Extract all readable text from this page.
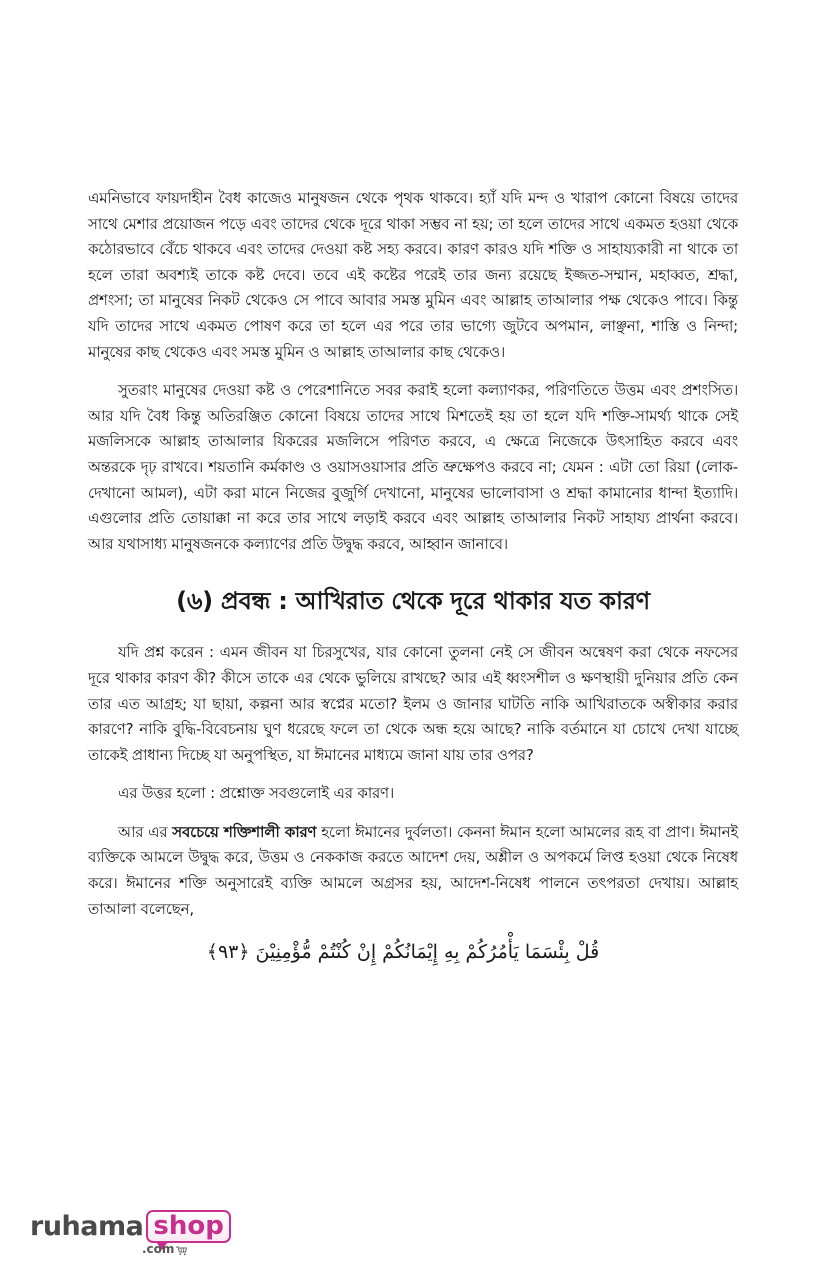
এমনিভাবে ফায়দাহীন বৈধ কাজেও মানুষজন থেকে পৃথক থাকবে। হ্যাঁ যদি মন্দ ও খারাপ কোনো বিষয়ে তাদের সাথে মেশার প্রয়োজন পড়ে এবং তাদের থেকে দূরে থাকা সম্ভব না হয়; তা হলে তাদের সাথে একমত হওয়া থেকে কঠোরভাবে বেঁচে থাকবে এবং তাদের দেওয়া কষ্ট সহ্য করবে। কারণ কারও যদি শক্তি ও সাহায্যকারী না থাকে তা হলে তারা অবশ্যই তাকে কষ্ট দেবে। তবে এই কষ্টের পরেই তার জন্য রয়েছে ইজ্জত-সম্মান, মহাব্বত, শ্রদ্ধা, প্রশংসা; তা মানুষের নিকট থেকেও সে পাবে আবার সমস্ত মুমিন এবং আল্লাহ তাআলার পক্ষ থেকেও পাবে। কিন্তু যদি তাদের সাথে একমত পোষণ করে তা হলে এর পরে তার ভাগ্যে জুটবে অপমান, লাঞ্ছনা, শাস্তি ও নিন্দা; মানুষের কাছ থেকেও এবং সমস্ত মুমিন ও আল্লাহ তাআলার কাছ থেকেও।

সুতরাং মানুষের দেওয়া কষ্ট ও পেরেশানিতে সবর করাই হলো কল্যাণকর, পরিণতিতে উত্তম এবং প্রশংসিত। আর যদি বৈধ কিন্তু অতিরঞ্জিত কোনো বিষয়ে তাদের সাথে মিশতেই হয় তা হলে যদি শক্তি-সামর্থ্য থাকে সেই মজলিসকে আল্লাহ তাআলার যিকরের মজলিসে পরিণত করবে, এ ক্ষেত্রে নিজেকে উৎসাহিত করবে এবং অন্তরকে দৃঢ় রাখবে। শয়তানি কর্মকাণ্ড ও ওয়াসওয়াসার প্রতি ভ্রুক্ষেপও করবে না; যেমন : এটা তো রিয়া (লোক-দেখানো আমল), এটা করা মানে নিজের বুজুর্গি দেখানো, মানুষের ভালোবাসা ও শ্রদ্ধা কামানোর ধান্দা ইত্যাদি। এগুলোর প্রতি তোয়াক্কা না করে তার সাথে লড়াই করবে এবং আল্লাহ তাআলার নিকট সাহায্য প্রার্থনা করবে। আর যথাসাধ্য মানুষজনকে কল্যাণের প্রতি উদ্বুদ্ধ করবে, আহ্বান জানাবে।

(৬) প্রবন্ধ : আখিরাত থেকে দূরে থাকার যত কারণ

যদি প্রশ্ন করেন : এমন জীবন যা চিরসুখের, যার কোনো তুলনা নেই সে জীবন অন্বেষণ করা থেকে নফসের দূরে থাকার কারণ কী? কীসে তাকে এর থেকে ভুলিয়ে রাখছে? আর এই ধ্বংসশীল ও ক্ষণস্থায়ী দুনিয়ার প্রতি কেন তার এত আগ্রহ; যা ছায়া, কল্পনা আর স্বপ্নের মতো? ইলম ও জানার ঘাটতি নাকি আখিরাতকে অস্বীকার করার কারণে? নাকি বুদ্ধি-বিবেচনায় ঘুণ ধরেছে ফলে তা থেকে অন্ধ হয়ে আছে? নাকি বর্তমানে যা চোখে দেখা যাচ্ছে তাকেই প্রাধান্য দিচ্ছে যা অনুপস্থিত, যা ঈমানের মাধ্যমে জানা যায় তার ওপর?

এর উত্তর হলো : প্রশ্নোক্ত সবগুলোই এর কারণ।

আর এর সবচেয়ে শক্তিশালী কারণ হলো ঈমানের দুর্বলতা। কেননা ঈমান হলো আমলের রূহ বা প্রাণ। ঈমানই ব্যক্তিকে আমলে উদ্বুদ্ধ করে, উত্তম ও নেককাজ করতে আদেশ দেয়, অশ্লীল ও অপকর্মে লিপ্ত হওয়া থেকে নিষেধ করে। ঈমানের শক্তি অনুসারেই ব্যক্তি আমলে অগ্রসর হয়, আদেশ-নিষেধ পালনে তৎপরতা দেখায়। আল্লাহ তাআলা বলেছেন,

قُلْ بِئْسَمَا يَأْمُرُكُمْ بِهِ إِيْمَانُكُمْ إِنْ كُنْتُمْ مُّؤْمِنِيْنَ ﴿٩٣﴾

ruhama shop
.com
